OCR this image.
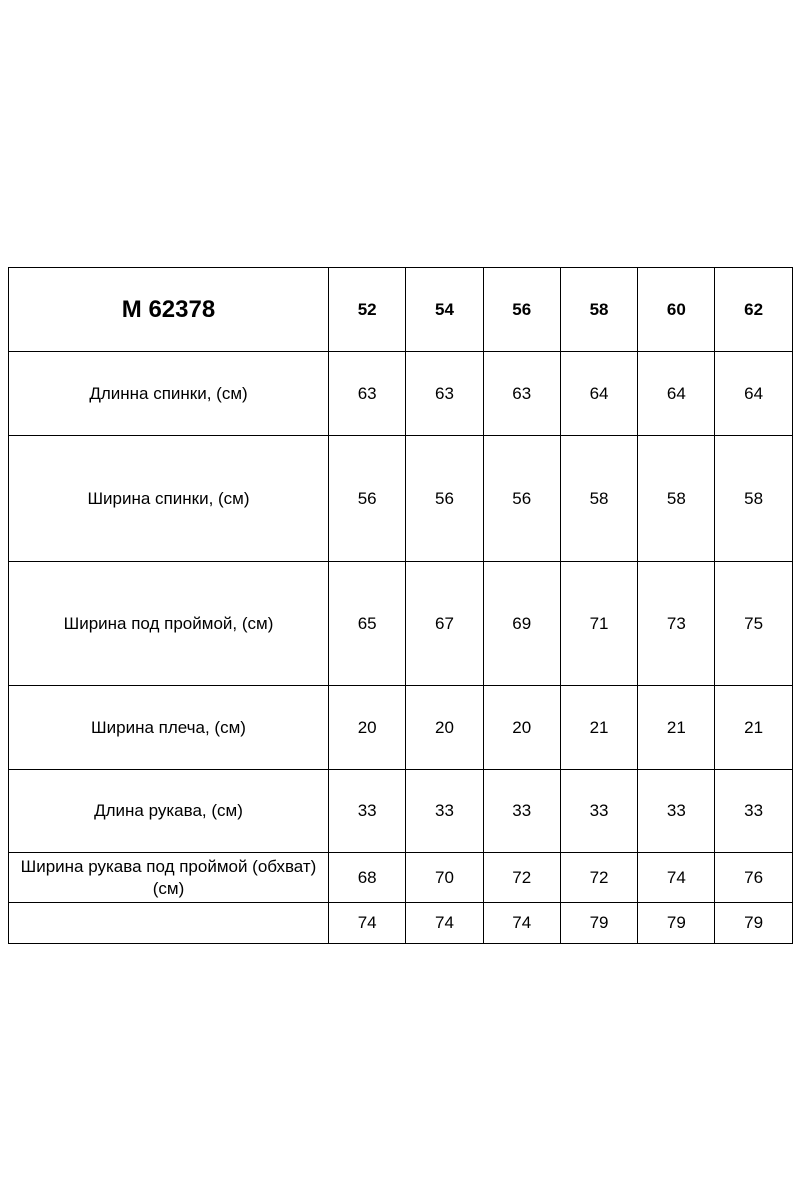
M 62378	52	54	56	58	60	62
Длинна спинки, (см)	63	63	63	64	64	64
Ширина спинки, (см)	56	56	56	58	58	58
Ширина под проймой, (см)	65	67	69	71	73	75
Ширина плеча, (см)	20	20	20	21	21	21
Длина рукава, (см)	33	33	33	33	33	33
Ширина рукава под проймой (обхват) (см)	68	70	72	72	74	76
	74	74	74	79	79	79
